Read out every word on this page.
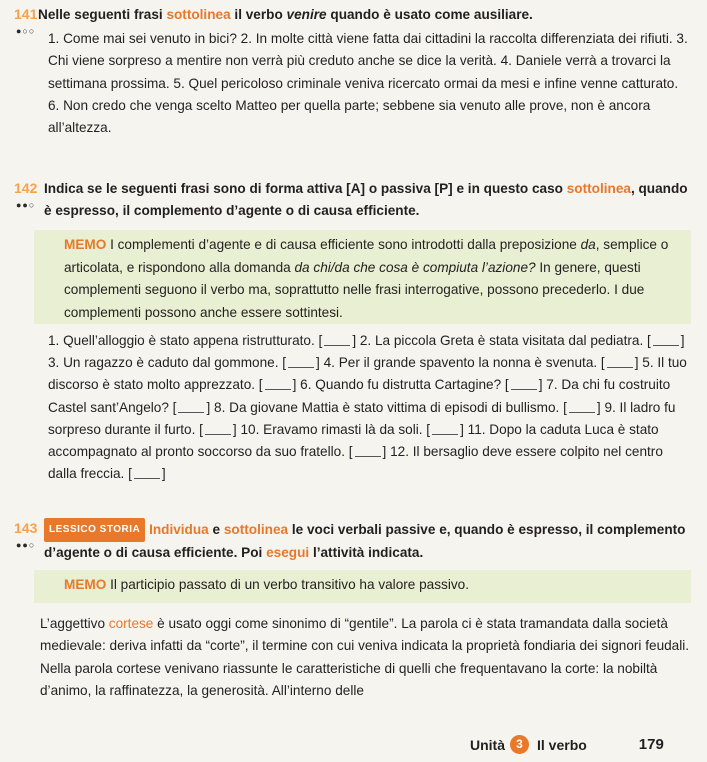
141
●○○

Nelle seguenti frasi sottolinea il verbo venire quando è usato come ausiliare.

1. Come mai sei venuto in bici? 2. In molte città viene fatta dai cittadini la raccolta differenziata dei rifiuti. 3. Chi viene sorpreso a mentire non verrà più creduto anche se dice la verità. 4. Daniele verrà a trovarci la settimana prossima. 5. Quel pericoloso criminale veniva ricercato ormai da mesi e infine venne catturato. 6. Non credo che venga scelto Matteo per quella parte; sebbene sia venuto alle prove, non è ancora all’altezza.

142
●●○

Indica se le seguenti frasi sono di forma attiva [A] o passiva [P] e in questo caso sottolinea, quando è espresso, il complemento d’agente o di causa efficiente.

MEMO I complementi d’agente e di causa efficiente sono introdotti dalla preposizione da, semplice o articolata, e rispondono alla domanda da chi/da che cosa è compiuta l’azione? In genere, questi complementi seguono il verbo ma, soprattutto nelle frasi interrogative, possono precederlo. I due complementi possono anche essere sottintesi.

1. Quell’alloggio è stato appena ristrutturato. [ ] 2. La piccola Greta è stata visitata dal pediatra. [ ] 3. Un ragazzo è caduto dal gommone. [ ] 4. Per il grande spavento la nonna è svenuta. [ ] 5. Il tuo discorso è stato molto apprezzato. [ ] 6. Quando fu distrutta Cartagine? [ ] 7. Da chi fu costruito Castel sant’Angelo? [ ] 8. Da giovane Mattia è stato vittima di episodi di bullismo. [ ] 9. Il ladro fu sorpreso durante il furto. [ ] 10. Eravamo rimasti là da soli. [ ] 11. Dopo la caduta Luca è stato accompagnato al pronto soccorso da suo fratello. [ ] 12. Il bersaglio deve essere colpito nel centro dalla freccia. [ ]

143
●●○

LESSICO STORIA Individua e sottolinea le voci verbali passive e, quando è espresso, il complemento d’agente o di causa efficiente. Poi esegui l’attività indicata.

MEMO Il participio passato di un verbo transitivo ha valore passivo.

L’aggettivo cortese è usato oggi come sinonimo di “gentile”. La parola ci è stata tramandata dalla società medievale: deriva infatti da “corte”, il termine con cui veniva indicata la proprietà fondiaria dei signori feudali. Nella parola cortese venivano riassunte le caratteristiche di quelli che frequentavano la corte: la nobiltà d’animo, la raffinatezza, la generosità. All’interno delle

Unità 3	Il verbo	179
